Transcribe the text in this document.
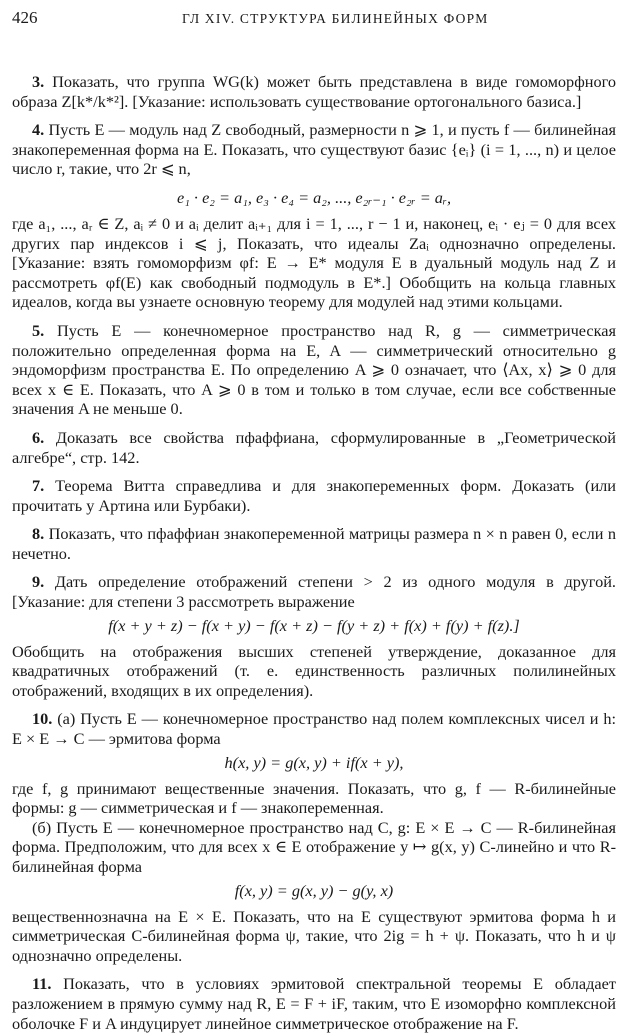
426	ГЛ XIV. СТРУКТУРА БИЛИНЕЙНЫХ ФОРМ

3. Показать, что группа WG(k) может быть представлена в виде гомоморфного образа Z[k*/k*²]. [Указание: использовать существование ортогонального базиса.]

4. Пусть E — модуль над Z свободный, размерности n ⩾ 1, и пусть f — билинейная знакопеременная форма на E. Показать, что существуют базис {eᵢ} (i = 1, ..., n) и целое число r, такие, что 2r ⩽ n,

e₁ · e₂ = a₁, e₃ · e₄ = a₂, ..., e₂ᵣ₋₁ · e₂ᵣ = aᵣ,

где a₁, ..., aᵣ ∈ Z, aᵢ ≠ 0 и aᵢ делит aᵢ₊₁ для i = 1, ..., r − 1 и, наконец, eᵢ · eⱼ = 0 для всех других пар индексов i ⩽ j, Показать, что идеалы Zaᵢ однозначно определены. [Указание: взять гомоморфизм φf: E → E* модуля E в дуальный модуль над Z и рассмотреть φf(E) как свободный подмодуль в E*.] Обобщить на кольца главных идеалов, когда вы узнаете основную теорему для модулей над этими кольцами.

5. Пусть E — конечномерное пространство над R, g — симметрическая положительно определенная форма на E, A — симметрический относительно g эндоморфизм пространства E. По определению A ⩾ 0 означает, что ⟨Ax, x⟩ ⩾ 0 для всех x ∈ E. Показать, что A ⩾ 0 в том и только в том случае, если все собственные значения A не меньше 0.

6. Доказать все свойства пфаффиана, сформулированные в „Геометрической алгебре“, стр. 142.

7. Теорема Витта справедлива и для знакопеременных форм. Доказать (или прочитать у Артина или Бурбаки).

8. Показать, что пфаффиан знакопеременной матрицы размера n × n равен 0, если n нечетно.

9. Дать определение отображений степени > 2 из одного модуля в другой. [Указание: для степени 3 рассмотреть выражение

f(x + y + z) − f(x + y) − f(x + z) − f(y + z) + f(x) + f(y) + f(z).]

Обобщить на отображения высших степеней утверждение, доказанное для квадратичных отображений (т. е. единственность различных полилинейных отображений, входящих в их определения).

10. (а) Пусть E — конечномерное пространство над полем комплексных чисел и h: E × E → C — эрмитова форма

h(x, y) = g(x, y) + if(x + y),

где f, g принимают вещественные значения. Показать, что g, f — R-билинейные формы: g — симметрическая и f — знакопеременная.

(б) Пусть E — конечномерное пространство над C, g: E × E → C — R-билинейная форма. Предположим, что для всех x ∈ E отображение y ↦ g(x, y) C-линейно и что R-билинейная форма

f(x, y) = g(x, y) − g(y, x)

вещественнозначна на E × E. Показать, что на E существуют эрмитова форма h и симметрическая C-билинейная форма ψ, такие, что 2ig = h + ψ. Показать, что h и ψ однозначно определены.

11. Показать, что в условиях эрмитовой спектральной теоремы E обладает разложением в прямую сумму над R, E = F + iF, таким, что E изоморфно комплексной оболочке F и A индуцирует линейное симметрическое отображение на F.
